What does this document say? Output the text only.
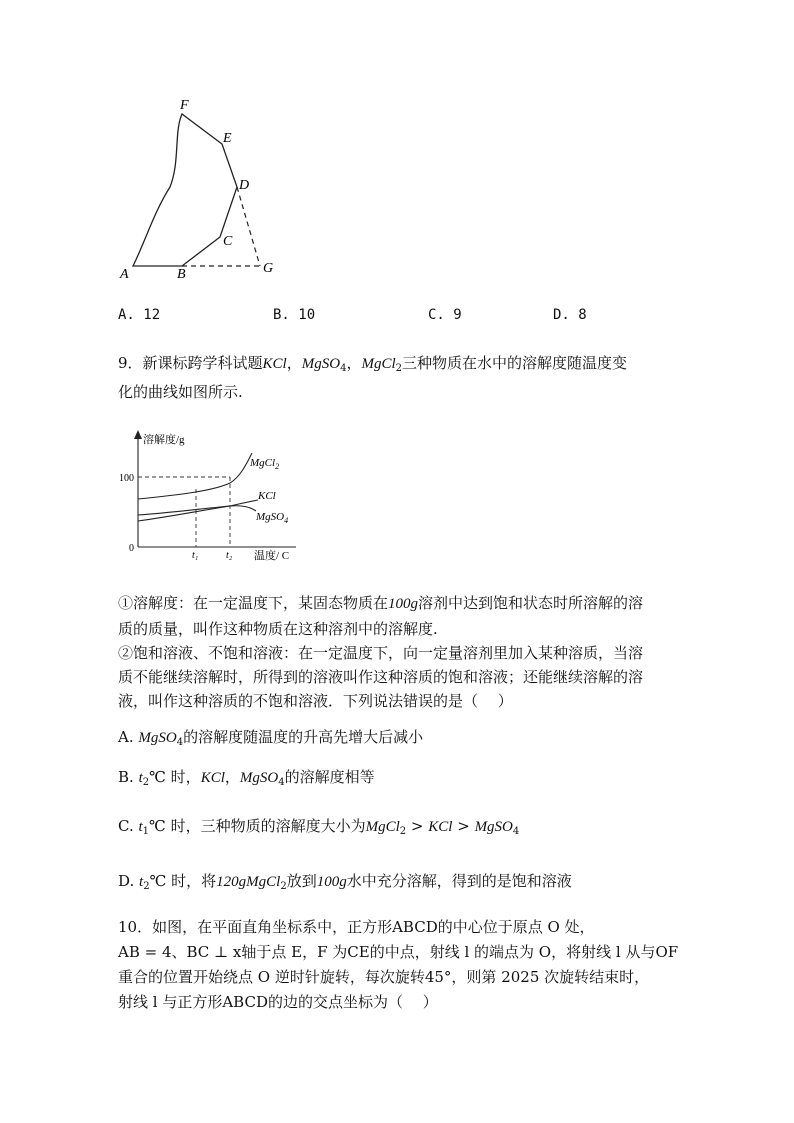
A	B
C
D
E
F
G
A. 12	B. 10	C. 9	D. 8
9．新课标跨学科试题KCl，MgSO$_4$，MgCl$_2$三种物质在水中的溶解度随温度变
化的曲线如图所示.
溶解度/g
100
0
MgCl$_2$
KCl
MgSO$_4$
t₁	t₂ 温度/ C
①溶解度：在一定温度下，某固态物质在100g溶剂中达到饱和状态时所溶解的溶
质的质量，叫作这种物质在这种溶剂中的溶解度.
②饱和溶液、不饱和溶液：在一定温度下，向一定量溶剂里加入某种溶质，当溶
质不能继续溶解时，所得到的溶液叫作这种溶质的饱和溶液；还能继续溶解的溶
液，叫作这种溶质的不饱和溶液．下列说法错误的是（　 ）
A. MgSO$_4$的溶解度随温度的升高先增大后减小
B. $t_2℃$ 时，KCl，MgSO$_4$的溶解度相等
C. $t_1℃$ 时，三种物质的溶解度大小为MgCl$_2$ > KCl > MgSO$_4$
D. $t_2℃$ 时，将120gMgCl$_2$放到100g水中充分溶解，得到的是饱和溶液
10．如图，在平面直角坐标系中，正方形ABCD的中心位于原点 O 处，
AB = 4、BC ⊥ x轴于点 E，F 为CE的中点，射线 l 的端点为 O，将射线 l 从与OF
重合的位置开始绕点 O 逆时针旋转，每次旋转45°，则第 2025 次旋转结束时，
射线 l 与正方形ABCD的边的交点坐标为（　 ）
